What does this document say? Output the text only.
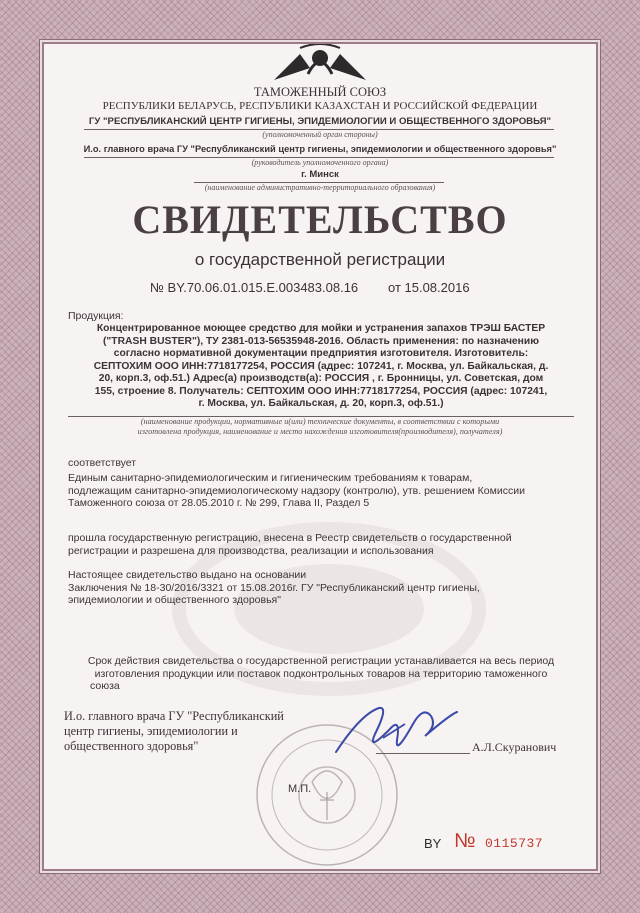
ТАМОЖЕННЫЙ СОЮЗ
РЕСПУБЛИКИ БЕЛАРУСЬ, РЕСПУБЛИКИ КАЗАХСТАН И РОССИЙСКОЙ ФЕДЕРАЦИИ
ГУ "РЕСПУБЛИКАНСКИЙ ЦЕНТР ГИГИЕНЫ, ЭПИДЕМИОЛОГИИ И ОБЩЕСТВЕННОГО ЗДОРОВЬЯ"
(уполномоченный орган стороны)
И.о. главного врача ГУ "Республиканский центр гигиены, эпидемиологии и общественного здоровья"
(руководитель уполномоченного органа)
г. Минск
(наименование административно-территориального образования)
СВИДЕТЕЛЬСТВО
о государственной регистрации
№ BY.70.06.01.015.E.003483.08.16 от 15.08.2016
Продукция:
Концентрированное моющее средство для мойки и устранения запахов ТРЭШ БАСТЕР
("TRASH BUSTER"), ТУ 2381-013-56535948-2016. Область применения: по назначению
согласно нормативной документации предприятия изготовителя. Изготовитель:
СЕПТОХИМ ООО ИНН:7718177254, РОССИЯ (адрес: 107241, г. Москва, ул. Байкальская, д.
20, корп.3, оф.51.) Адрес(а) производств(а): РОССИЯ , г. Бронницы, ул. Советская, дом
155, строение 8. Получатель: СЕПТОХИМ ООО ИНН:7718177254, РОССИЯ (адрес: 107241,
г. Москва, ул. Байкальская, д. 20, корп.3, оф.51.)
(наименование продукции, нормативные и(или) технические документы, в соответствии с которыми
изготовлена продукция, наименование и место нахождения изготовителя(производителя), получателя)
соответствует
Единым санитарно-эпидемиологическим и гигиеническим требованиям к товарам,
подлежащим санитарно-эпидемиологическому надзору (контролю), утв. решением Комиссии
Таможенного союза от 28.05.2010 г. № 299, Глава II, Раздел 5
прошла государственную регистрацию, внесена в Реестр свидетельств о государственной
регистрации и разрешена для производства, реализации и использования
Настоящее свидетельство выдано на основании
Заключения № 18-30/2016/3321 от 15.08.2016г. ГУ "Республиканский центр гигиены,
эпидемиологии и общественного здоровья"
Срок действия свидетельства о государственной регистрации устанавливается на весь период
изготовления продукции или поставок подконтрольных товаров на территорию таможенного
союза
И.о. главного врача ГУ "Республиканский
центр гигиены, эпидемиологии и
общественного здоровья"	А.Л.Скуранович
М.П.
BY № 0115737
